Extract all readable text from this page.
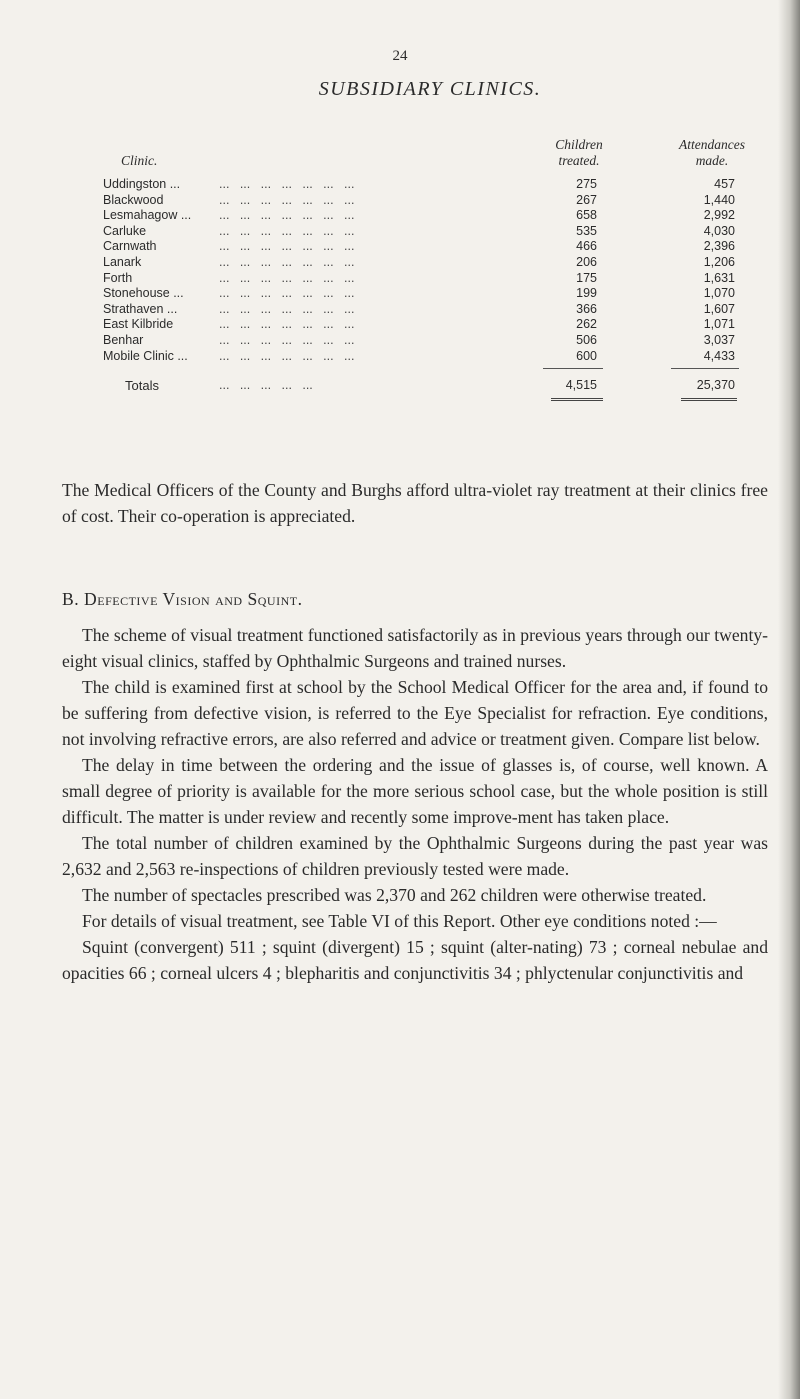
24
SUBSIDIARY CLINICS.
Clinic.
Children
treated.
Attendances
made.
Uddingston ...	...   ...   ...   ...   ...   ...   ...	275	457
Blackwood	...   ...   ...   ...   ...   ...   ...	267	1,440
Lesmahagow ... ...   ...   ...   ...   ...   ...   ...	658	2,992
Carluke	...   ...   ...   ...   ...   ...   ...	535	4,030
Carnwath	...   ...   ...   ...   ...   ...   ...	466	2,396
Lanark	...   ...   ...   ...   ...   ...   ...	206	1,206
Forth	...   ...   ...   ...   ...   ...   ...	175	1,631
Stonehouse ...	...   ...   ...   ...   ...   ...   ...	199	1,070
Strathaven ...	...   ...   ...   ...   ...   ...   ...	366	1,607
East Kilbride	...   ...   ...   ...   ...   ...   ...	262	1,071
Benhar	...   ...   ...   ...   ...   ...   ...	506	3,037
Mobile Clinic ...	...   ...   ...   ...   ...   ...   ...	600	4,433
Totals	...   ...   ...   ...   ...	4,515	25,370

The Medical Officers of the County and Burghs afford ultra-violet ray treatment at their clinics free of cost. Their co-operation is appreciated.

B. Defective Vision and Squint.

The scheme of visual treatment functioned satisfactorily as in previous years through our twenty-eight visual clinics, staffed by Ophthalmic Surgeons and trained nurses.

The child is examined first at school by the School Medical Officer for the area and, if found to be suffering from defective vision, is referred to the Eye Specialist for refraction. Eye conditions, not involving refractive errors, are also referred and advice or treatment given. Compare list below.

The delay in time between the ordering and the issue of glasses is, of course, well known. A small degree of priority is available for the more serious school case, but the whole position is still difficult. The matter is under review and recently some improve-ment has taken place.

The total number of children examined by the Ophthalmic Surgeons during the past year was 2,632 and 2,563 re-inspections of children previously tested were made.

The number of spectacles prescribed was 2,370 and 262 children were otherwise treated.

For details of visual treatment, see Table VI of this Report. Other eye conditions noted :—

Squint (convergent) 511 ; squint (divergent) 15 ; squint (alter-nating) 73 ; corneal nebulae and opacities 66 ; corneal ulcers 4 ; blepharitis and conjunctivitis 34 ; phlyctenular conjunctivitis and
